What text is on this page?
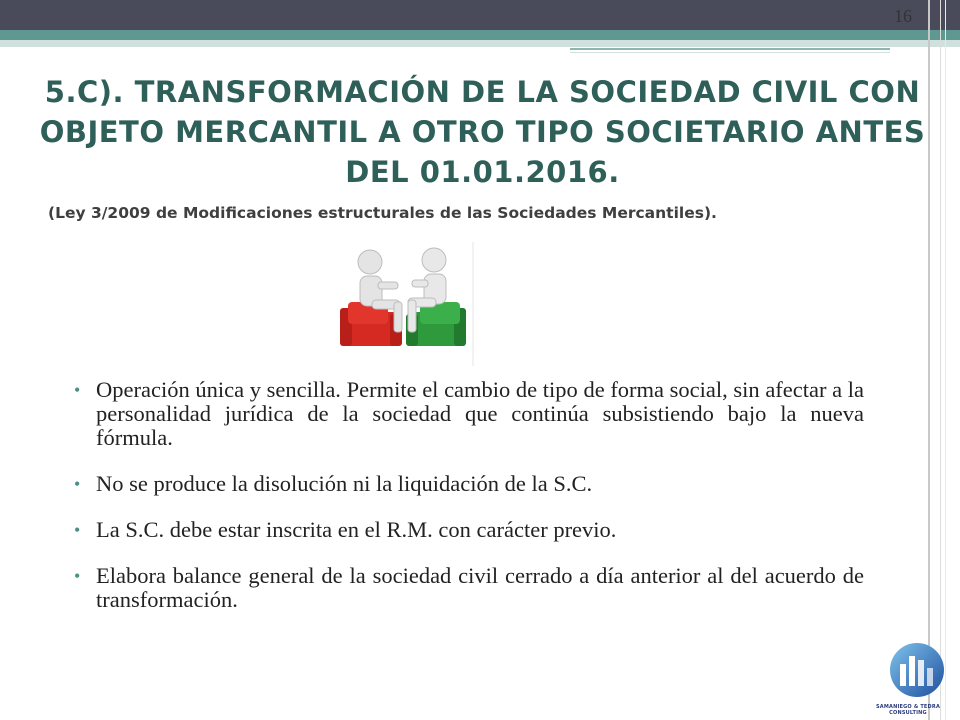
16
5.C). TRANSFORMACIÓN DE LA SOCIEDAD CIVIL CON OBJETO MERCANTIL A OTRO TIPO SOCIETARIO ANTES DEL 01.01.2016.
(Ley 3/2009 de Modificaciones estructurales de las Sociedades Mercantiles).
• Operación única y sencilla. Permite el cambio de tipo de forma social, sin afectar a la personalidad jurídica de la sociedad que continúa subsistiendo bajo la nueva fórmula.
• No se produce la disolución ni la liquidación de la S.C.
• La S.C. debe estar inscrita en el R.M. con carácter previo.
• Elabora balance general de la sociedad civil cerrado a día anterior al del acuerdo de transformación.
SAMANIEGO & TEDRA CONSULTING
